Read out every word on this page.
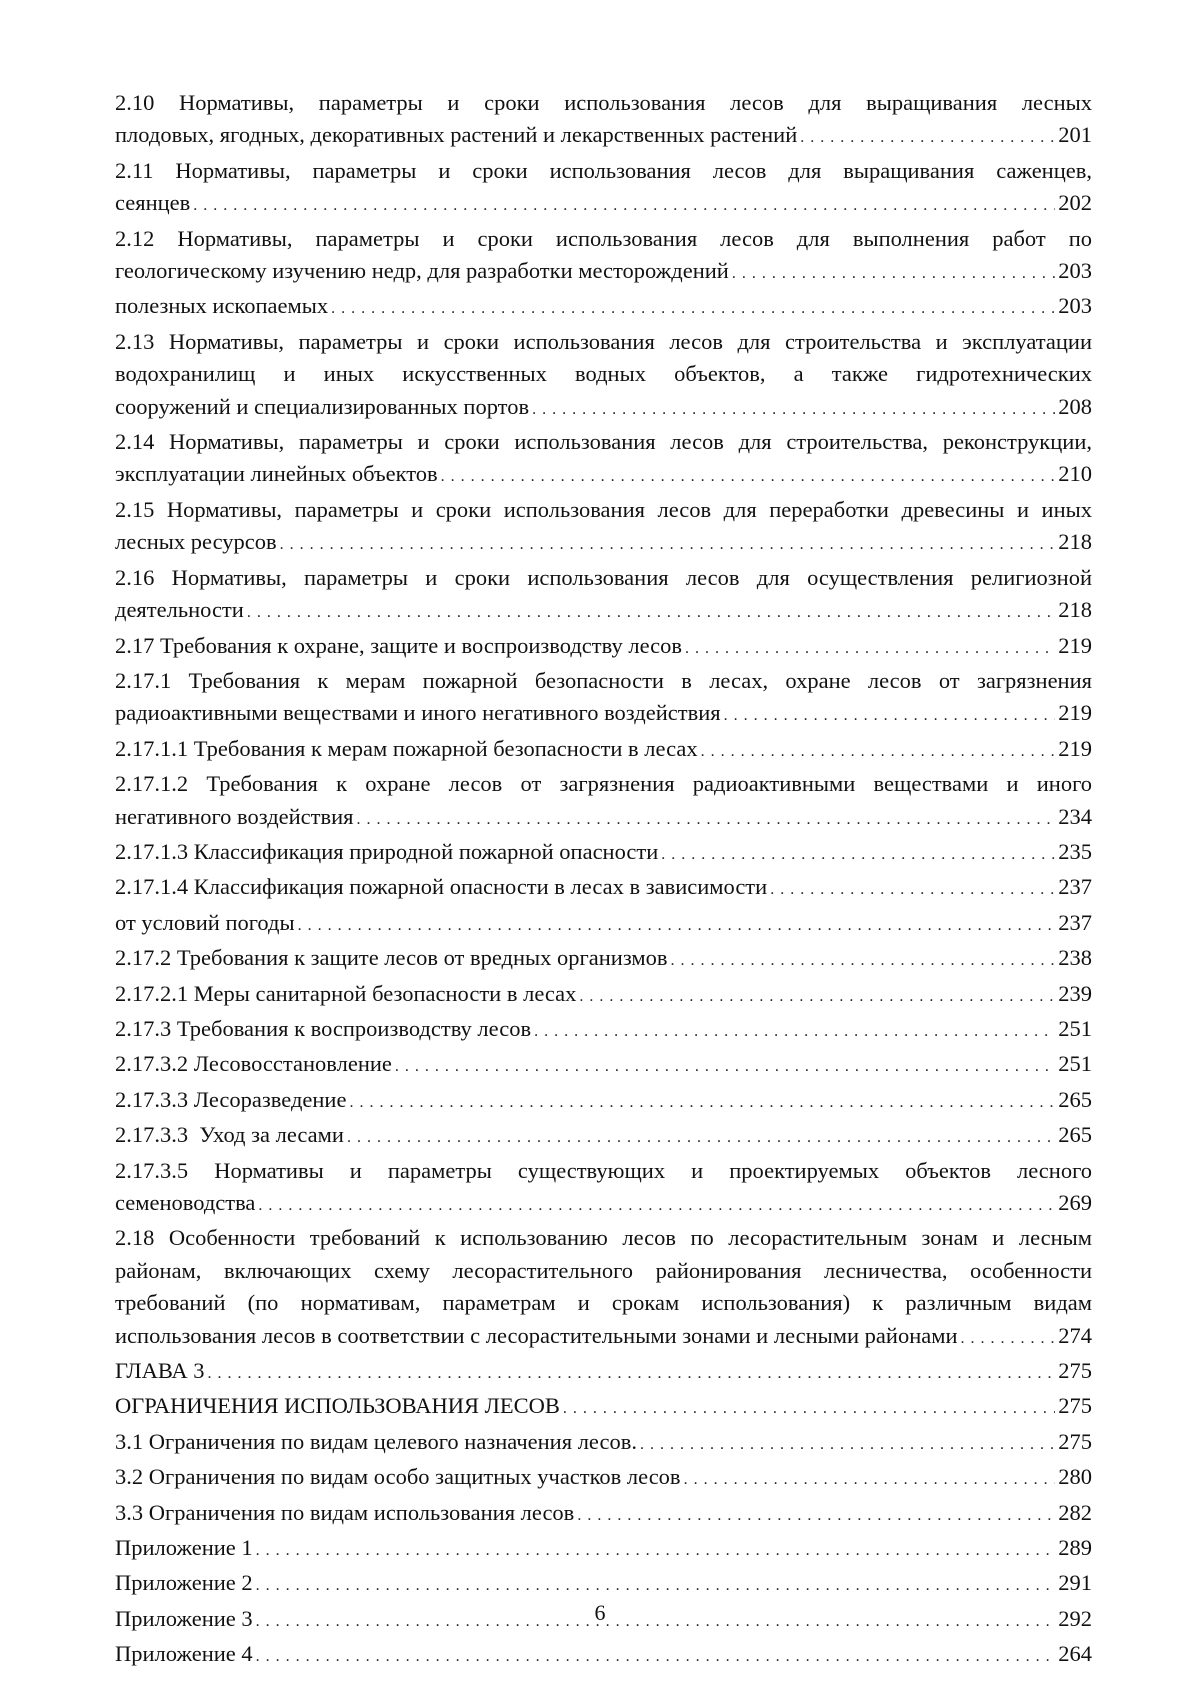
2.10 Нормативы, параметры и сроки использования лесов для выращивания лесных
плодовых, ягодных, декоративных растений и лекарственных растений . . .	201
2.11 Нормативы, параметры и сроки использования лесов для выращивания саженцев,
сеянцев . . .	202
2.12 Нормативы, параметры и сроки использования лесов для выполнения работ по
геологическому изучению недр, для разработки месторождений . . .	203
полезных ископаемых . . .	203
2.13 Нормативы, параметры и сроки использования лесов для строительства и эксплуатации водохранилищ и иных искусственных водных объектов, а также гидротехнических
сооружений и специализированных портов . . .	208
2.14 Нормативы, параметры и сроки использования лесов для строительства, реконструкции,
эксплуатации линейных объектов . . .	210
2.15 Нормативы, параметры и сроки использования лесов для переработки древесины и иных
лесных ресурсов . . .	218
2.16 Нормативы, параметры и сроки использования лесов для осуществления религиозной
деятельности . . .	218
2.17 Требования к охране, защите и воспроизводству лесов . . .	219
2.17.1 Требования к мерам пожарной безопасности в лесах, охране лесов от загрязнения
радиоактивными веществами и иного негативного воздействия . . .	219
2.17.1.1 Требования к мерам пожарной безопасности в лесах . . .	219
2.17.1.2 Требования к охране лесов от загрязнения радиоактивными веществами и иного
негативного воздействия . . .	234
2.17.1.3 Классификация природной пожарной опасности . . .	235
2.17.1.4 Классификация пожарной опасности в лесах в зависимости . . .	237
от условий погоды . . .	237
2.17.2 Требования к защите лесов от вредных организмов . . .	238
2.17.2.1 Меры санитарной безопасности в лесах . . .	239
2.17.3 Требования к воспроизводству лесов . . .	251
2.17.3.2 Лесовосстановление . . .	251
2.17.3.3 Лесоразведение . . .	265
2.17.3.3  Уход за лесами . . .	265
2.17.3.5 Нормативы и параметры существующих и проектируемых объектов лесного
семеноводства . . .	269
2.18 Особенности требований к использованию лесов по лесорастительным зонам и лесным районам, включающих схему лесорастительного районирования лесничества, особенности требований (по нормативам, параметрам и срокам использования) к различным видам
использования лесов в соответствии с лесорастительными зонами и лесными районами . . .	274
ГЛАВА 3 . . .	275
ОГРАНИЧЕНИЯ ИСПОЛЬЗОВАНИЯ ЛЕСОВ . . .	275
3.1 Ограничения по видам целевого назначения лесов. . . .	275
3.2 Ограничения по видам особо защитных участков лесов . . .	280
3.3 Ограничения по видам использования лесов . . .	282
Приложение 1 . . .	289
Приложение 2 . . .	291
Приложение 3 . . .	292
Приложение 4 . . .	264
6
